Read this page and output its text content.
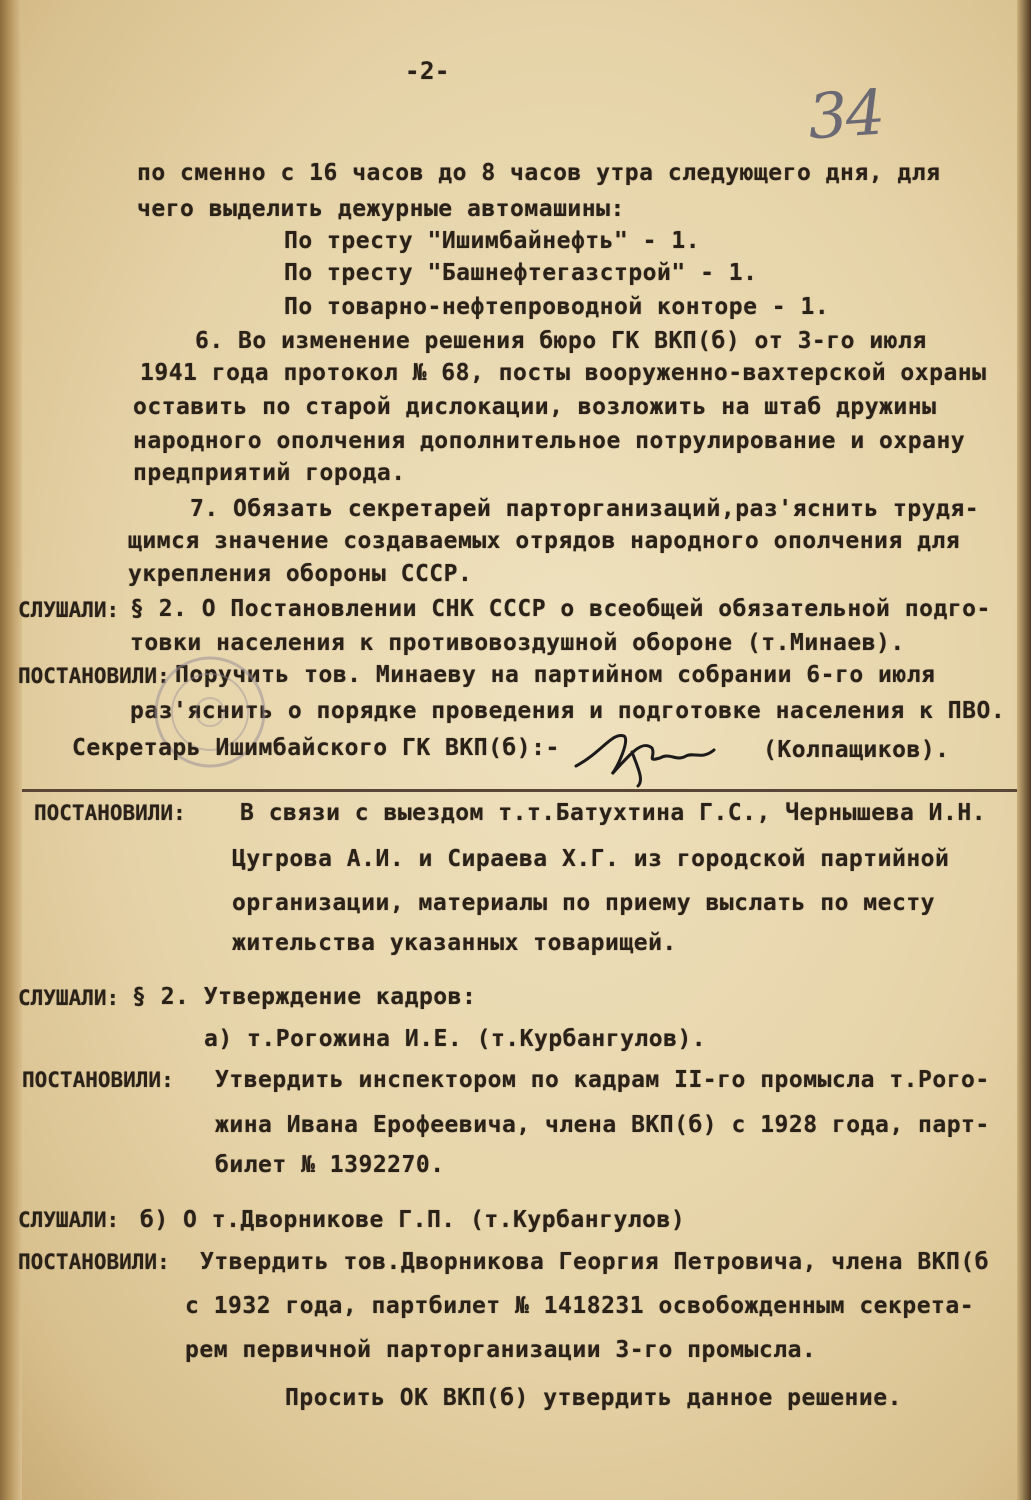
-2-
34
по сменно с 16 часов до 8 часов утра следующего дня, для
чего выделить дежурные автомашины:
По тресту "Ишимбайнефть" - 1.
По тресту "Башнефтегазстрой" - 1.
По товарно-нефтепроводной конторе - 1.
6. Во изменение решения бюро ГК ВКП(б) от 3-го июля
1941 года протокол № 68, посты вооруженно-вахтерской охраны
оставить по старой дислокации, возложить на штаб дружины
народного ополчения дополнительное потрулирование и охрану
предприятий города.
7. Обязать секретарей парторганизаций,раз'яснить трудя-
щимся значение создаваемых отрядов народного ополчения для
укрепления обороны СССР.
СЛУШАЛИ: § 2. О Постановлении СНК СССР о всеобщей обязательной подго-
товки населения к противовоздушной обороне (т.Минаев).
ПОСТАНОВИЛИ: Поручить тов. Минаеву на партийном собрании 6-го июля
раз'яснить о порядке проведения и подготовке населения к ПВО.
Секретарь Ишимбайского ГК ВКП(б):-	(Колпащиков).
ПОСТАНОВИЛИ: В связи с выездом т.т.Батухтина Г.С., Чернышева И.Н.
Цугрова А.И. и Сираева Х.Г. из городской партийной
организации, материалы по приему выслать по месту
жительства указанных товарищей.
СЛУШАЛИ: § 2. Утверждение кадров:
а) т.Рогожина И.Е. (т.Курбангулов).
ПОСТАНОВИЛИ: Утвердить инспектором по кадрам II-го промысла т.Рого-
жина Ивана Ерофеевича, члена ВКП(б) с 1928 года, парт-
билет № 1392270.
СЛУШАЛИ: б) О т.Дворникове Г.П. (т.Курбангулов)
ПОСТАНОВИЛИ: Утвердить тов.Дворникова Георгия Петровича, члена ВКП(б
с 1932 года, партбилет № 1418231 освобожденным секрета-
рем первичной парторганизации 3-го промысла.
Просить ОК ВКП(б) утвердить данное решение.
